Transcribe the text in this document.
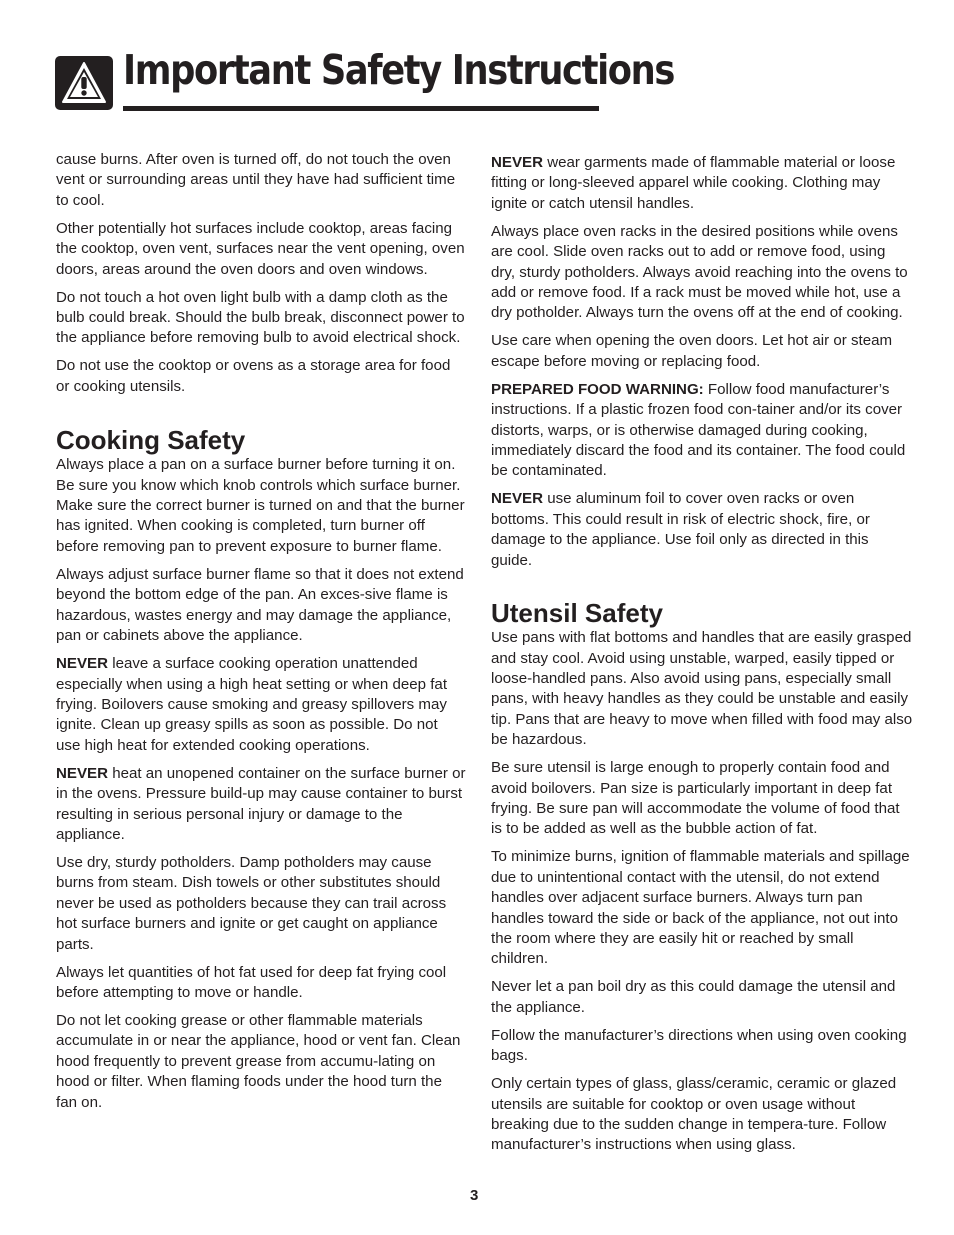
Important Safety Instructions

cause burns. After oven is turned off, do not touch the oven vent or surrounding areas until they have had sufficient time to cool.

Other potentially hot surfaces include cooktop, areas facing the cooktop, oven vent, surfaces near the vent opening, oven doors, areas around the oven doors and oven windows.

Do not touch a hot oven light bulb with a damp cloth as the bulb could break. Should the bulb break, disconnect power to the appliance before removing bulb to avoid electrical shock.

Do not use the cooktop or ovens as a storage area for food or cooking utensils.

Cooking Safety

Always place a pan on a surface burner before turning it on. Be sure you know which knob controls which surface burner. Make sure the correct burner is turned on and that the burner has ignited. When cooking is completed, turn burner off before removing pan to prevent exposure to burner flame.

Always adjust surface burner flame so that it does not extend beyond the bottom edge of the pan. An exces-sive flame is hazardous, wastes energy and may damage the appliance, pan or cabinets above the appliance.

NEVER leave a surface cooking operation unattended especially when using a high heat setting or when deep fat frying. Boilovers cause smoking and greasy spillovers may ignite. Clean up greasy spills as soon as possible. Do not use high heat for extended cooking operations.

NEVER heat an unopened container on the surface burner or in the ovens. Pressure build-up may cause container to burst resulting in serious personal injury or damage to the appliance.

Use dry, sturdy potholders. Damp potholders may cause burns from steam. Dish towels or other substitutes should never be used as potholders because they can trail across hot surface burners and ignite or get caught on appliance parts.

Always let quantities of hot fat used for deep fat frying cool before attempting to move or handle.

Do not let cooking grease or other flammable materials accumulate in or near the appliance, hood or vent fan. Clean hood frequently to prevent grease from accumu-lating on hood or filter. When flaming foods under the hood turn the fan on.

NEVER wear garments made of flammable material or loose fitting or long-sleeved apparel while cooking. Clothing may ignite or catch utensil handles.

Always place oven racks in the desired positions while ovens are cool. Slide oven racks out to add or remove food, using dry, sturdy potholders. Always avoid reaching into the ovens to add or remove food. If a rack must be moved while hot, use a dry potholder. Always turn the ovens off at the end of cooking.

Use care when opening the oven doors. Let hot air or steam escape before moving or replacing food.

PREPARED FOOD WARNING: Follow food manufacturer’s instructions. If a plastic frozen food con-tainer and/or its cover distorts, warps, or is otherwise damaged during cooking, immediately discard the food and its container. The food could be contaminated.

NEVER use aluminum foil to cover oven racks or oven bottoms. This could result in risk of electric shock, fire, or damage to the appliance. Use foil only as directed in this guide.

Utensil Safety

Use pans with flat bottoms and handles that are easily grasped and stay cool. Avoid using unstable, warped, easily tipped or loose-handled pans. Also avoid using pans, especially small pans, with heavy handles as they could be unstable and easily tip. Pans that are heavy to move when filled with food may also be hazardous.

Be sure utensil is large enough to properly contain food and avoid boilovers. Pan size is particularly important in deep fat frying. Be sure pan will accommodate the volume of food that is to be added as well as the bubble action of fat.

To minimize burns, ignition of flammable materials and spillage due to unintentional contact with the utensil, do not extend handles over adjacent surface burners. Always turn pan handles toward the side or back of the appliance, not out into the room where they are easily hit or reached by small children.

Never let a pan boil dry as this could damage the utensil and the appliance.

Follow the manufacturer’s directions when using oven cooking bags.

Only certain types of glass, glass/ceramic, ceramic or glazed utensils are suitable for cooktop or oven usage without breaking due to the sudden change in tempera-ture. Follow manufacturer’s instructions when using glass.

3
